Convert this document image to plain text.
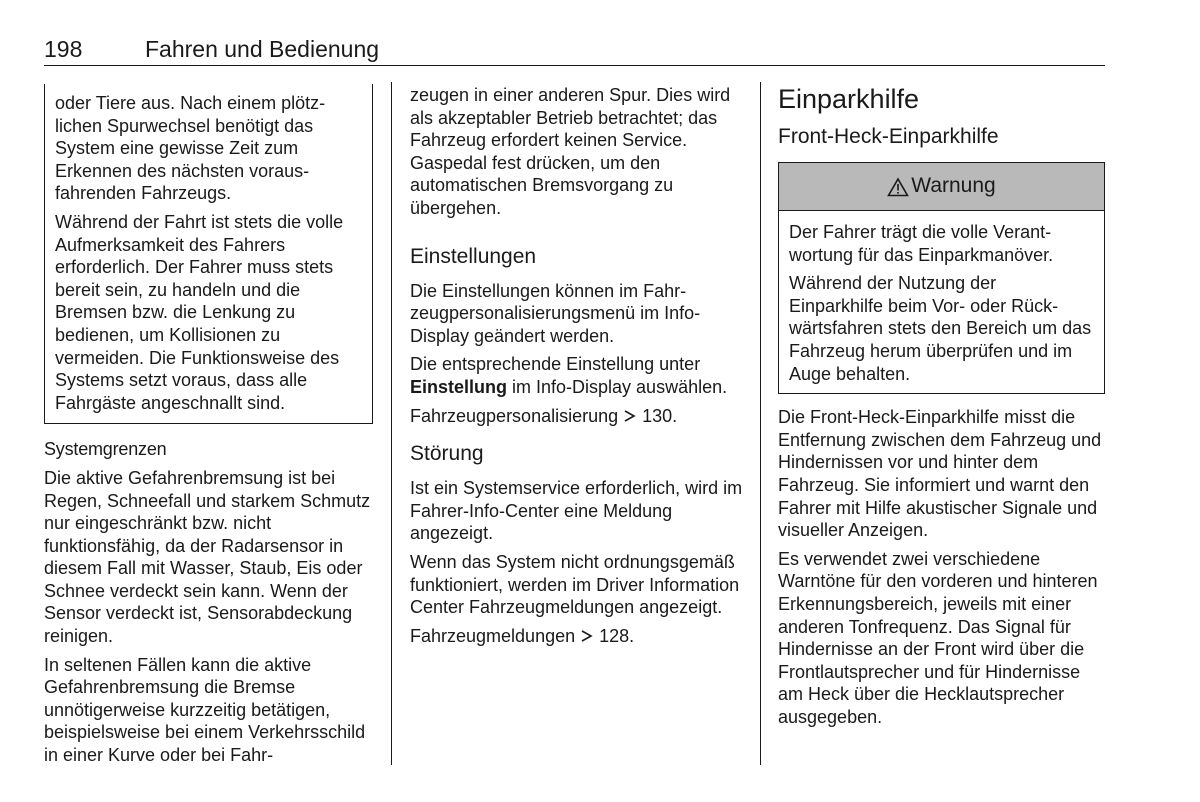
198	Fahren und Bedienung

oder Tiere aus. Nach einem plötzlichen Spurwechsel benötigt das System eine gewisse Zeit zum Erkennen des nächsten vorausfahrenden Fahrzeugs.

Während der Fahrt ist stets die volle Aufmerksamkeit des Fahrers erforderlich. Der Fahrer muss stets bereit sein, zu handeln und die Bremsen bzw. die Lenkung zu bedienen, um Kollisionen zu vermeiden. Die Funktionsweise des Systems setzt voraus, dass alle Fahrgäste angeschnallt sind.

Systemgrenzen

Die aktive Gefahrenbremsung ist bei Regen, Schneefall und starkem Schmutz nur eingeschränkt bzw. nicht funktionsfähig, da der Radarsensor in diesem Fall mit Wasser, Staub, Eis oder Schnee verdeckt sein kann. Wenn der Sensor verdeckt ist, Sensorabdeckung reinigen.

In seltenen Fällen kann die aktive Gefahrenbremsung die Bremse unnötigerweise kurzzeitig betätigen, beispielsweise bei einem Verkehrsschild in einer Kurve oder bei Fahr-

zeugen in einer anderen Spur. Dies wird als akzeptabler Betrieb betrachtet; das Fahrzeug erfordert keinen Service. Gaspedal fest drücken, um den automatischen Bremsvorgang zu übergehen.

Einstellungen

Die Einstellungen können im Fahrzeugpersonalisierungsmenü im Info-Display geändert werden.

Die entsprechende Einstellung unter Einstellung im Info-Display auswählen.

Fahrzeugpersonalisierung  130.

Störung

Ist ein Systemservice erforderlich, wird im Fahrer-Info-Center eine Meldung angezeigt.

Wenn das System nicht ordnungsgemäß funktioniert, werden im Driver Information Center Fahrzeugmeldungen angezeigt.

Fahrzeugmeldungen  128.

Einparkhilfe
Front-Heck-Einparkhilfe
Warnung

Der Fahrer trägt die volle Verantwortung für das Einparkmanöver.

Während der Nutzung der Einparkhilfe beim Vor- oder Rückwärtsfahren stets den Bereich um das Fahrzeug herum überprüfen und im Auge behalten.

Die Front-Heck-Einparkhilfe misst die Entfernung zwischen dem Fahrzeug und Hindernissen vor und hinter dem Fahrzeug. Sie informiert und warnt den Fahrer mit Hilfe akustischer Signale und visueller Anzeigen.

Es verwendet zwei verschiedene Warntöne für den vorderen und hinteren Erkennungsbereich, jeweils mit einer anderen Tonfrequenz. Das Signal für Hindernisse an der Front wird über die Frontlautsprecher und für Hindernisse am Heck über die Hecklautsprecher ausgegeben.
